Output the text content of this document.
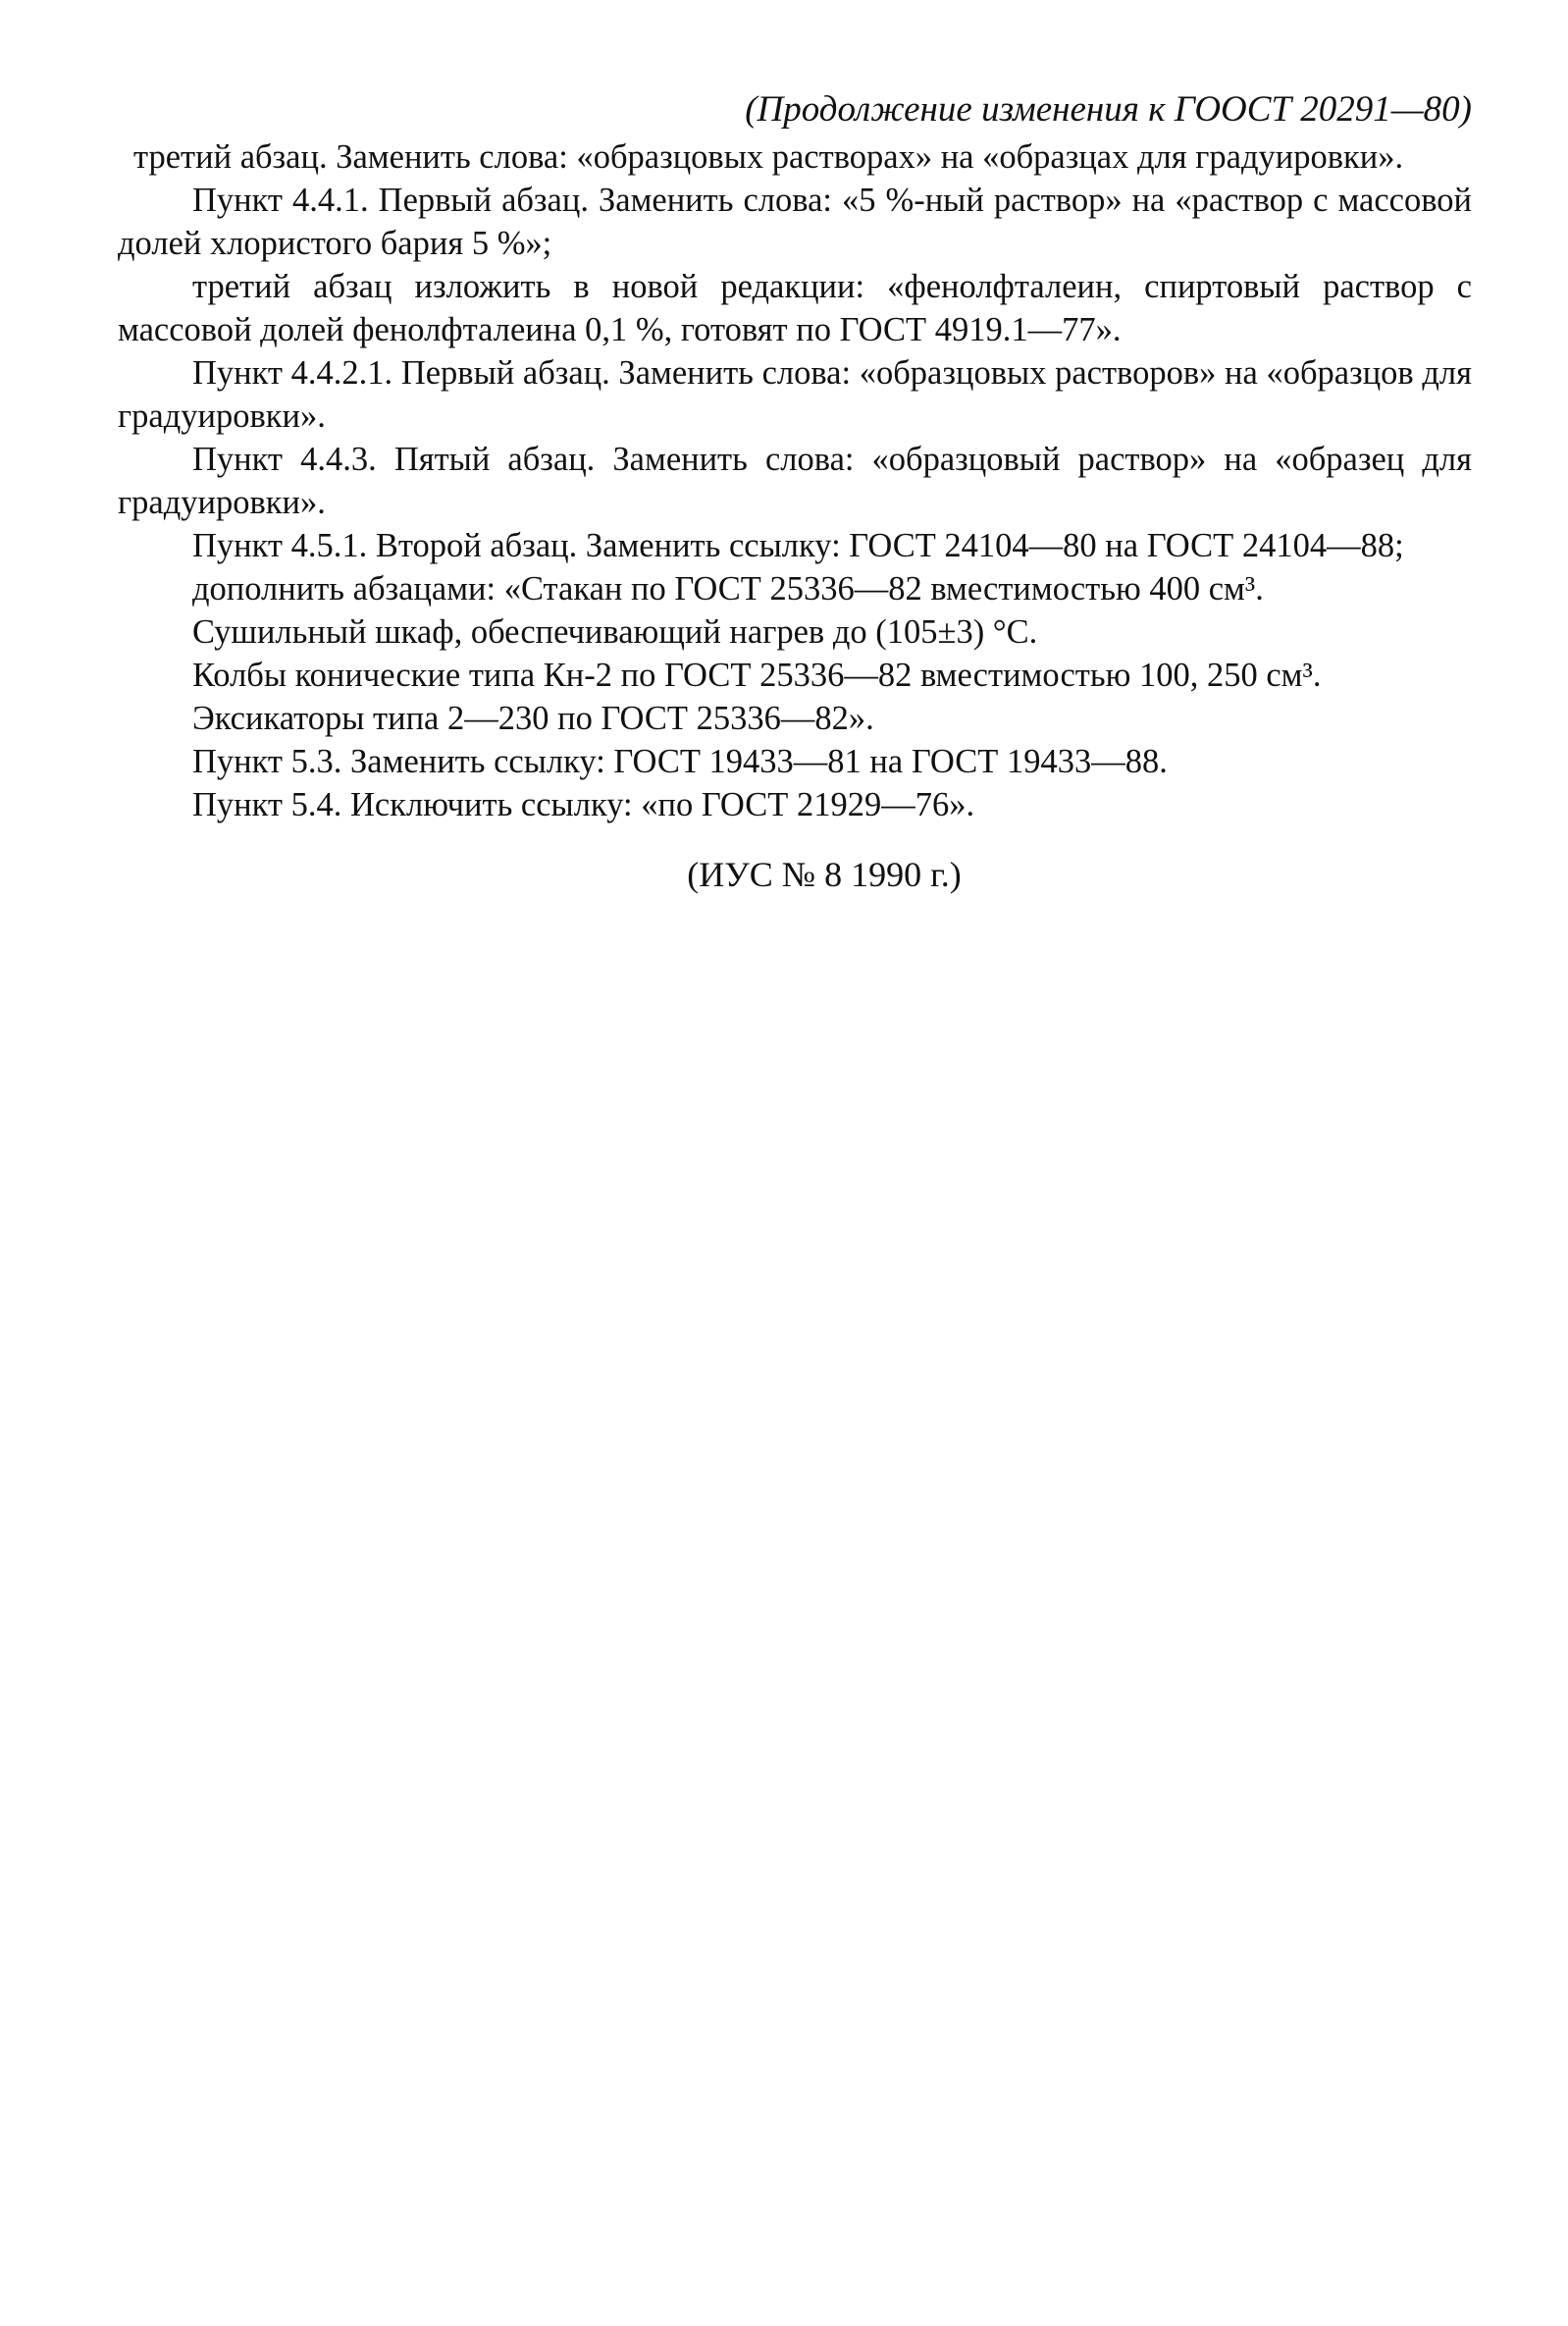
(Продолжение изменения к ГООСТ 20291—80)

третий абзац. Заменить слова: «образцовых растворах» на «образцах для градуировки».

Пункт 4.4.1. Первый абзац. Заменить слова: «5 %-ный раствор» на «раствор с массовой долей хлористого бария 5 %»;

третий абзац изложить в новой редакции: «фенолфталеин, спиртовый раствор с массовой долей фенолфталеина 0,1 %, готовят по ГОСТ 4919.1—77».

Пункт 4.4.2.1. Первый абзац. Заменить слова: «образцовых растворов» на «образцов для градуировки».

Пункт 4.4.3. Пятый абзац. Заменить слова: «образцовый раствор» на «образец для градуировки».

Пункт 4.5.1. Второй абзац. Заменить ссылку: ГОСТ 24104—80 на ГОСТ 24104—88;

дополнить абзацами: «Стакан по ГОСТ 25336—82 вместимостью 400 см³.

Сушильный шкаф, обеспечивающий нагрев до (105±3) °С.

Колбы конические типа Кн-2 по ГОСТ 25336—82 вместимостью 100, 250 см³.

Эксикаторы типа 2—230 по ГОСТ 25336—82».

Пункт 5.3. Заменить ссылку: ГОСТ 19433—81 на ГОСТ 19433—88.

Пункт 5.4. Исключить ссылку: «по ГОСТ 21929—76».

(ИУС № 8 1990 г.)
